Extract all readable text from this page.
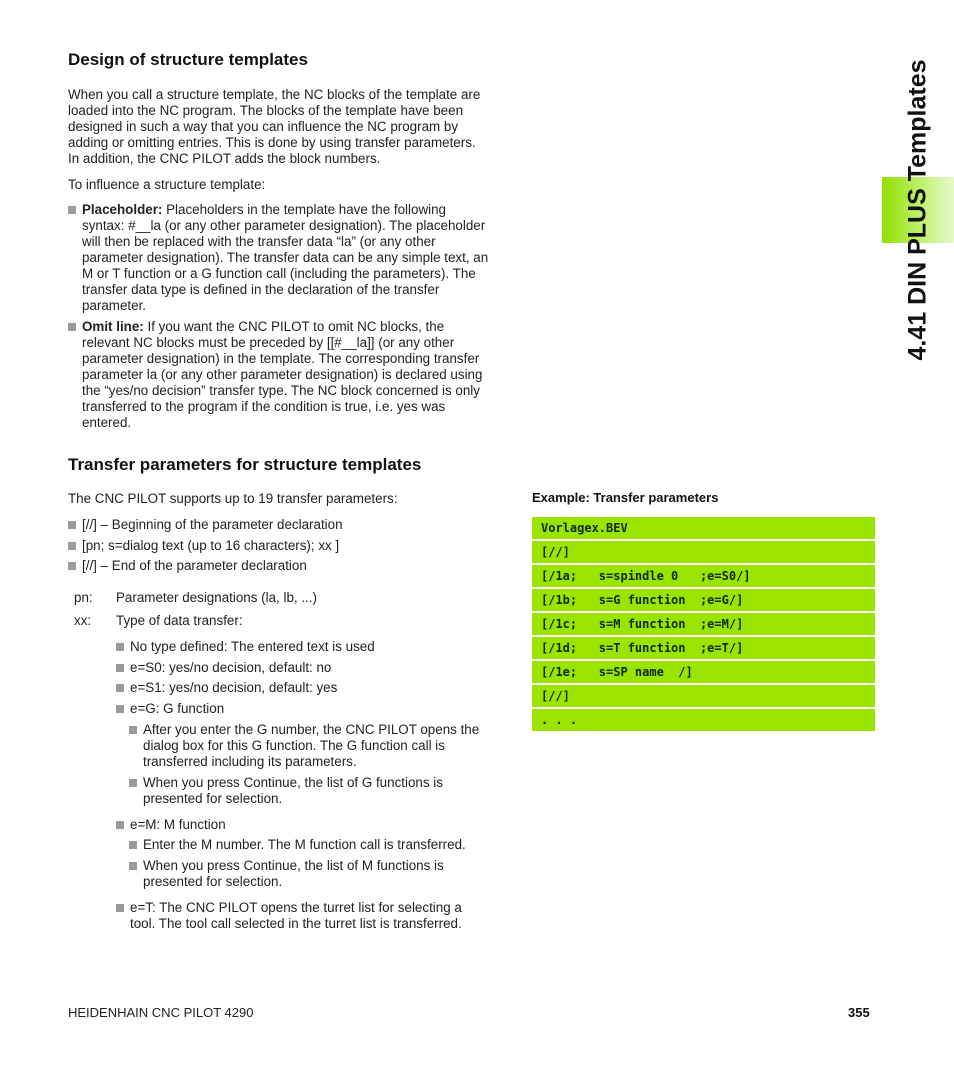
4.41 DIN PLUS Templates
Design of structure templates
When you call a structure template, the NC blocks of the template are
loaded into the NC program. The blocks of the template have been
designed in such a way that you can influence the NC program by
adding or omitting entries. This is done by using transfer parameters.
In addition, the CNC PILOT adds the block numbers.
To influence a structure template:
Placeholder: Placeholders in the template have the following
syntax: #__la (or any other parameter designation). The placeholder
will then be replaced with the transfer data “la” (or any other
parameter designation). The transfer data can be any simple text, an
M or T function or a G function call (including the parameters). The
transfer data type is defined in the declaration of the transfer
parameter.
Omit line: If you want the CNC PILOT to omit NC blocks, the
relevant NC blocks must be preceded by [[#__la]] (or any other
parameter designation) in the template. The corresponding transfer
parameter la (or any other parameter designation) is declared using
the “yes/no decision” transfer type. The NC block concerned is only
transferred to the program if the condition is true, i.e. yes was
entered.
Transfer parameters for structure templates
The CNC PILOT supports up to 19 transfer parameters:
[//] – Beginning of the parameter declaration
[pn; s=dialog text (up to 16 characters); xx ]
[//] – End of the parameter declaration
pn: Parameter designations (la, lb, ...)
xx: Type of data transfer:
No type defined: The entered text is used
e=S0: yes/no decision, default: no
e=S1: yes/no decision, default: yes
e=G: G function
After you enter the G number, the CNC PILOT opens the
dialog box for this G function. The G function call is
transferred including its parameters.
When you press Continue, the list of G functions is
presented for selection.
e=M: M function
Enter the M number. The M function call is transferred.
When you press Continue, the list of M functions is
presented for selection.
e=T: The CNC PILOT opens the turret list for selecting a
tool. The tool call selected in the turret list is transferred.
Example: Transfer parameters
Vorlagex.BEV
[//]
[/1a;   s=spindle 0   ;e=S0/]
[/1b;   s=G function  ;e=G/]
[/1c;   s=M function  ;e=M/]
[/1d;   s=T function  ;e=T/]
[/1e;   s=SP name  /]
[//]
. . .
HEIDENHAIN CNC PILOT 4290	355
